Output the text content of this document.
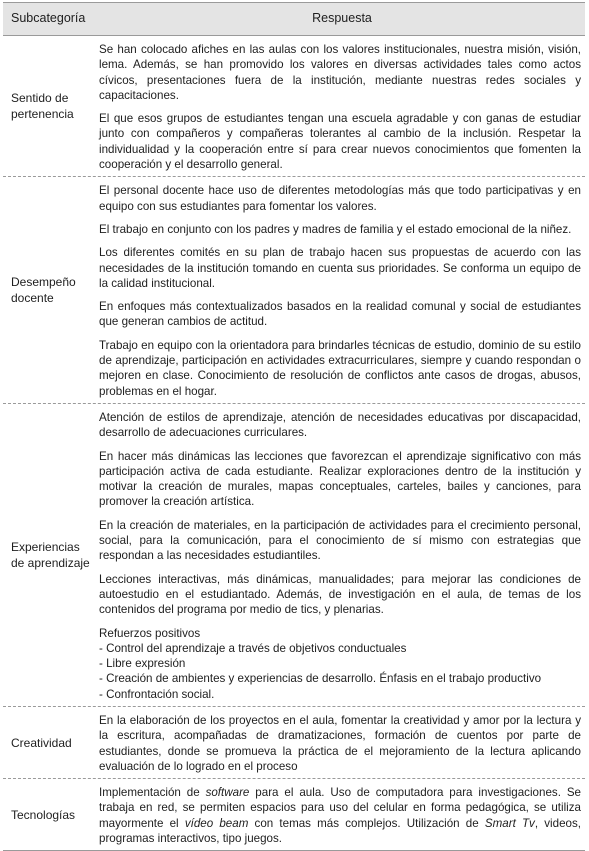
Subcategoría	Respuesta
Sentido de pertenencia

Se han colocado afiches en las aulas con los valores institucionales, nuestra misión, visión, lema. Además, se han promovido los valores en diversas actividades tales como actos cívicos, presentaciones fuera de la institución, mediante nuestras redes sociales y capacitaciones.

El que esos grupos de estudiantes tengan una escuela agradable y con ganas de estudiar junto con compañeros y compañeras tolerantes al cambio de la inclusión. Respetar la individualidad y la cooperación entre sí para crear nuevos conocimientos que fomenten la cooperación y el desarrollo general.

Desempeño docente

El personal docente hace uso de diferentes metodologías más que todo participativas y en equipo con sus estudiantes para fomentar los valores.

El trabajo en conjunto con los padres y madres de familia y el estado emocional de la niñez.

Los diferentes comités en su plan de trabajo hacen sus propuestas de acuerdo con las necesidades de la institución tomando en cuenta sus prioridades. Se conforma un equipo de la calidad institucional.

En enfoques más contextualizados basados en la realidad comunal y social de estudiantes que generan cambios de actitud.

Trabajo en equipo con la orientadora para brindarles técnicas de estudio, dominio de su estilo de aprendizaje, participación en actividades extracurriculares, siempre y cuando respondan o mejoren en clase. Conocimiento de resolución de conflictos ante casos de drogas, abusos, problemas en el hogar.

Experiencias de aprendizaje

Atención de estilos de aprendizaje, atención de necesidades educativas por discapacidad, desarrollo de adecuaciones curriculares.

En hacer más dinámicas las lecciones que favorezcan el aprendizaje significativo con más participación activa de cada estudiante. Realizar exploraciones dentro de la institución y motivar la creación de murales, mapas conceptuales, carteles, bailes y canciones, para promover la creación artística.

En la creación de materiales, en la participación de actividades para el crecimiento personal, social, para la comunicación, para el conocimiento de sí mismo con estrategias que respondan a las necesidades estudiantiles.

Lecciones interactivas, más dinámicas, manualidades; para mejorar las condiciones de autoestudio en el estudiantado. Además, de investigación en el aula, de temas de los contenidos del programa por medio de tics, y plenarias.

Refuerzos positivos

- Control del aprendizaje a través de objetivos conductuales
- Libre expresión
- Creación de ambientes y experiencias de desarrollo. Énfasis en el trabajo productivo
- Confrontación social.
Creatividad

En la elaboración de los proyectos en el aula, fomentar la creatividad y amor por la lectura y la escritura, acompañadas de dramatizaciones, formación de cuentos por parte de estudiantes, donde se promueva la práctica de el mejoramiento de la lectura aplicando evaluación de lo logrado en el proceso

Tecnologías

Implementación de software para el aula. Uso de computadora para investigaciones. Se trabaja en red, se permiten espacios para uso del celular en forma pedagógica, se utiliza mayormente el vídeo beam con temas más complejos. Utilización de Smart Tv, videos, programas interactivos, tipo juegos.
